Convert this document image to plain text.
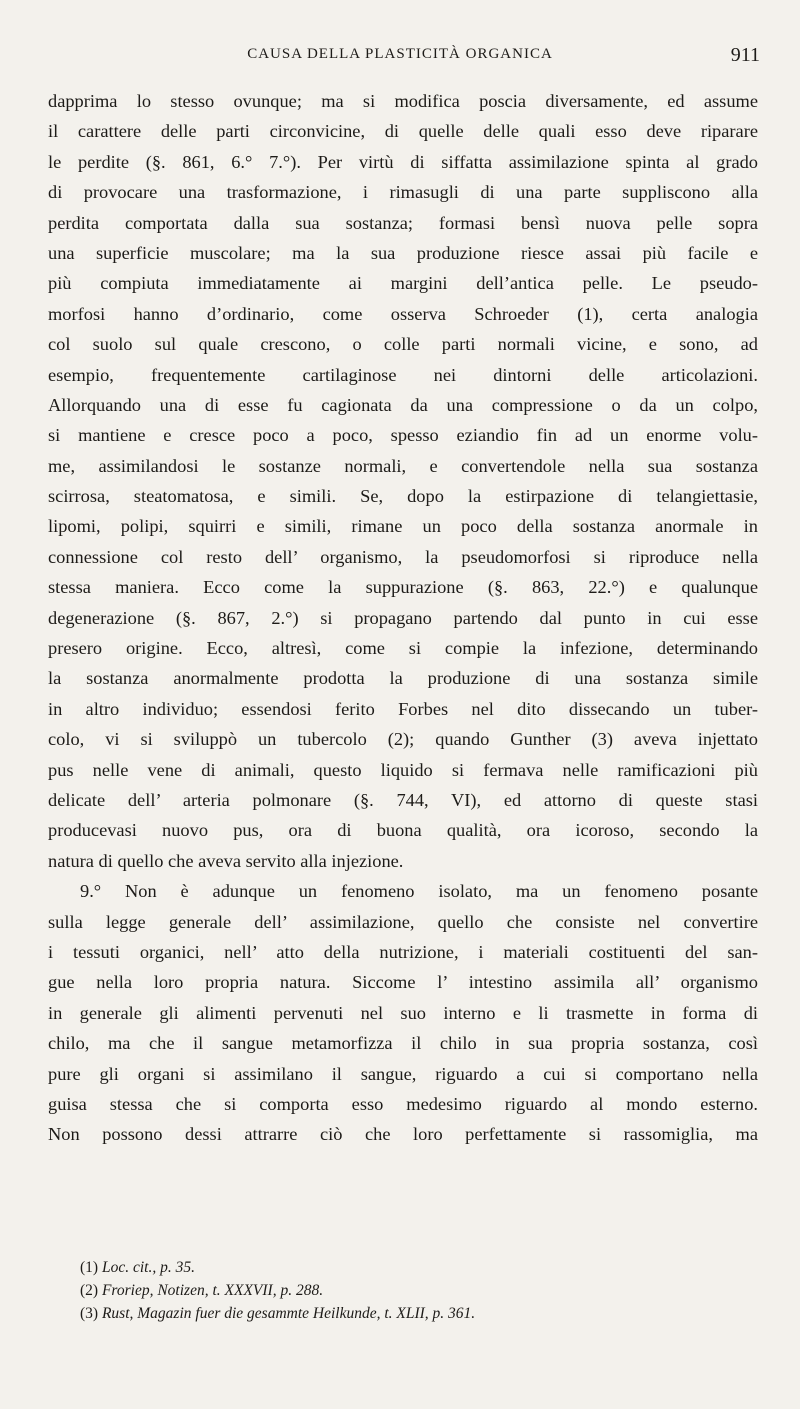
CAUSA DELLA PLASTICITÀ ORGANICA	911
dapprima lo stesso ovunque; ma si modifica poscia diversamente, ed assume
il carattere delle parti circonvicine, di quelle delle quali esso deve riparare
le perdite (§. 861, 6.° 7.°). Per virtù di siffatta assimilazione spinta al grado
di provocare una trasformazione, i rimasugli di una parte suppliscono alla
perdita comportata dalla sua sostanza; formasi bensì nuova pelle sopra
una superficie muscolare; ma la sua produzione riesce assai più facile e
più compiuta immediatamente ai margini dell’antica pelle. Le pseudo-
morfosi hanno d’ordinario, come osserva Schroeder (1), certa analogia
col suolo sul quale crescono, o colle parti normali vicine, e sono, ad
esempio, frequentemente cartilaginose nei dintorni delle articolazioni.
Allorquando una di esse fu cagionata da una compressione o da un colpo,
si mantiene e cresce poco a poco, spesso eziandio fin ad un enorme volu-
me, assimilandosi le sostanze normali, e convertendole nella sua sostanza
scirrosa, steatomatosa, e simili. Se, dopo la estirpazione di telangiettasie,
lipomi, polipi, squirri e simili, rimane un poco della sostanza anormale in
connessione col resto dell’ organismo, la pseudomorfosi si riproduce nella
stessa maniera. Ecco come la suppurazione (§. 863, 22.°) e qualunque
degenerazione (§. 867, 2.°) si propagano partendo dal punto in cui esse
presero origine. Ecco, altresì, come si compie la infezione, determinando
la sostanza anormalmente prodotta la produzione di una sostanza simile
in altro individuo; essendosi ferito Forbes nel dito dissecando un tuber-
colo, vi si sviluppò un tubercolo (2); quando Gunther (3) aveva injettato
pus nelle vene di animali, questo liquido si fermava nelle ramificazioni più
delicate dell’ arteria polmonare (§. 744, VI), ed attorno di queste stasi
producevasi nuovo pus, ora di buona qualità, ora icoroso, secondo la
natura di quello che aveva servito alla injezione.
9.° Non è adunque un fenomeno isolato, ma un fenomeno posante
sulla legge generale dell’ assimilazione, quello che consiste nel convertire
i tessuti organici, nell’ atto della nutrizione, i materiali costituenti del san-
gue nella loro propria natura. Siccome l’ intestino assimila all’ organismo
in generale gli alimenti pervenuti nel suo interno e li trasmette in forma di
chilo, ma che il sangue metamorfizza il chilo in sua propria sostanza, così
pure gli organi si assimilano il sangue, riguardo a cui si comportano nella
guisa stessa che si comporta esso medesimo riguardo al mondo esterno.
Non possono dessi attrarre ciò che loro perfettamente si rassomiglia, ma
(1) Loc. cit., p. 35.
(2) Froriep, Notizen, t. XXXVII, p. 288.
(3) Rust, Magazin fuer die gesammte Heilkunde, t. XLII, p. 361.
